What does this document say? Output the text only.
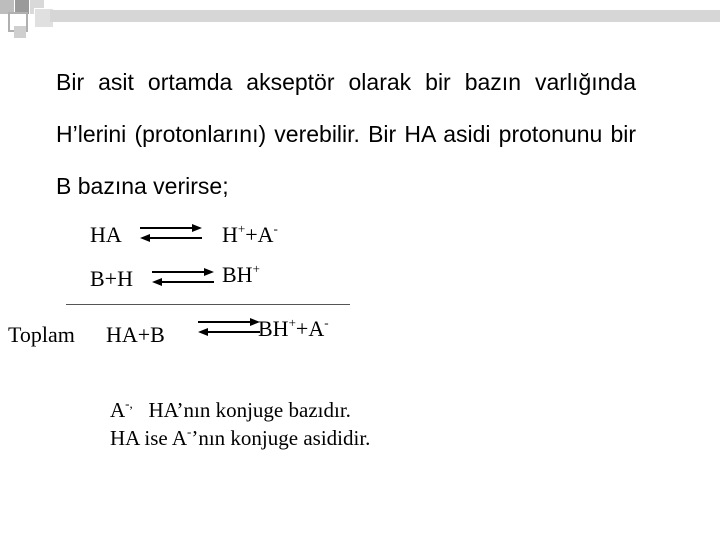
Bir asit ortamda akseptör olarak bir bazın varlığında H’lerini (protonlarını) verebilir. Bir HA asidi protonunu bir B bazına verirse;

HA	H++A-
B+H	BH+
Toplam HA+B	BH++A-
A-, HA’nın konjuge bazıdır.
HA ise A-’nın konjuge asididir.
